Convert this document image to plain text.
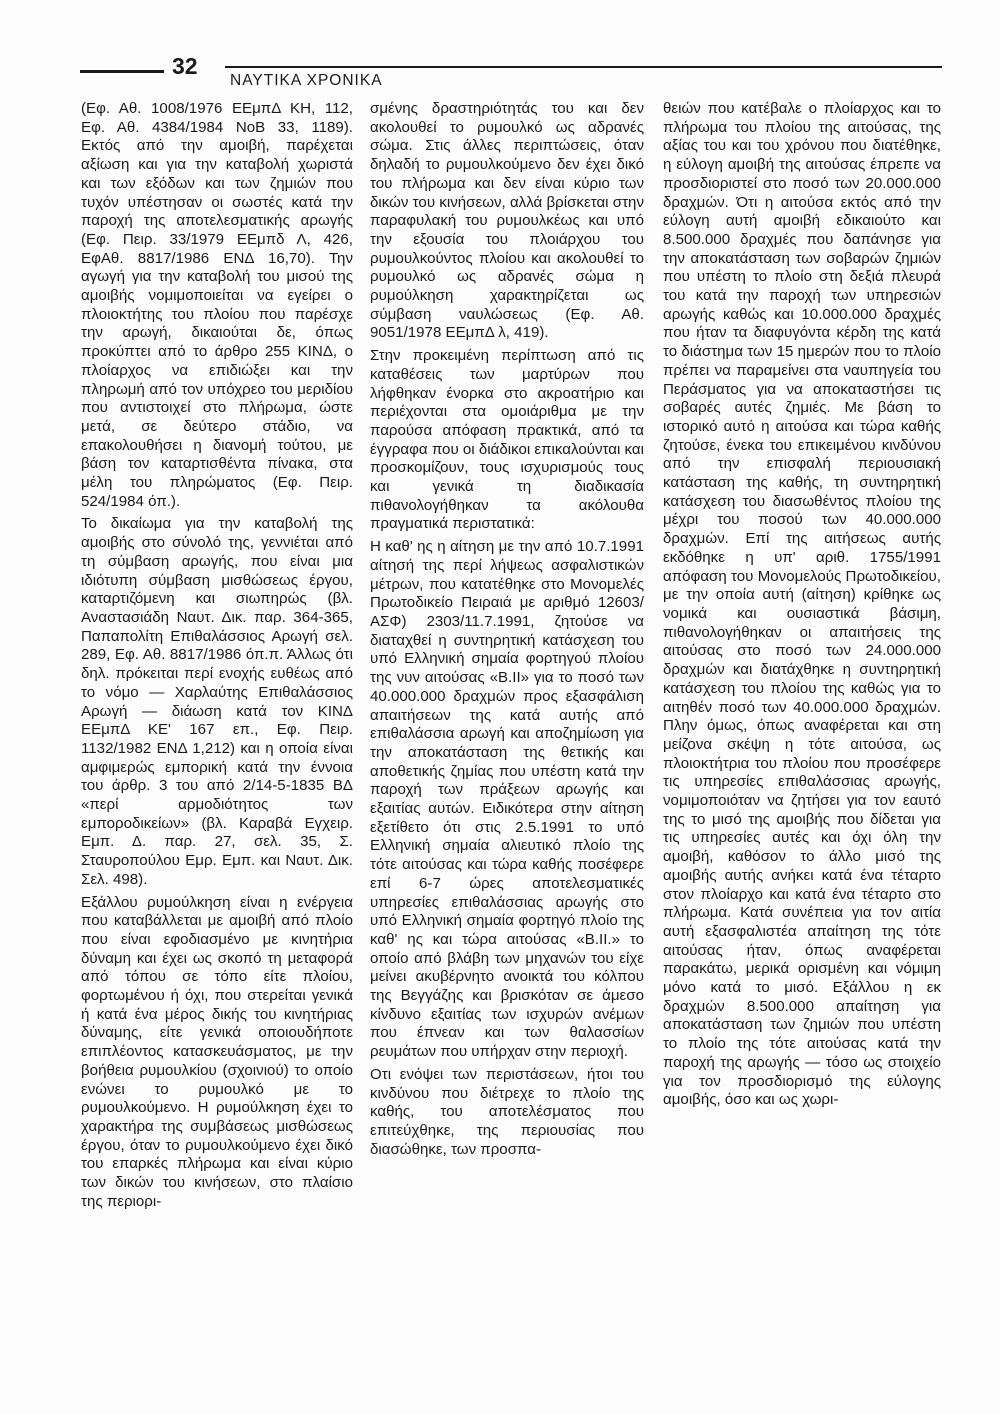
32
ΝΑΥΤΙΚΑ ΧΡΟΝΙΚΑ

(Εφ. Αθ. 1008/1976 ΕΕμπΔ ΚΗ, 112, Εφ. Αθ. 4384/1984 ΝοΒ 33, 1189). Εκτός από την αμοιβή, παρέχεται αξίωση και για την καταβολή χωριστά και των εξόδων και των ζημιών που τυχόν υπέστησαν οι σωστές κατά την παροχή της αποτελεσματικής αρωγής (Εφ. Πειρ. 33/1979 ΕΕμπδ Λ, 426, ΕφΑθ. 8817/1986 ΕΝΔ 16,70). Την αγωγή για την καταβολή του μισού της αμοιβής νομιμοποιείται να εγείρει ο πλοιοκτήτης του πλοίου που παρέσχε την αρωγή, δικαιούται δε, όπως προκύπτει από το άρθρο 255 ΚΙΝΔ, ο πλοίαρχος να επιδιώξει και την πληρωμή από τον υπόχρεο του μεριδίου που αντιστοιχεί στο πλήρωμα, ώστε μετά, σε δεύτερο στάδιο, να επακολουθήσει η διανομή τούτου, με βάση τον καταρτισθέντα πίνακα, στα μέλη του πληρώματος (Εφ. Πειρ. 524/1984 όπ.).

Το δικαίωμα για την καταβολή της αμοιβής στο σύνολό της, γεννιέται από τη σύμβαση αρωγής, που είναι μια ιδιότυπη σύμβαση μισθώσεως έργου, καταρτιζόμενη και σιωπηρώς (βλ. Αναστασιάδη Ναυτ. Δικ. παρ. 364-365, Παπαπολίτη Επιθαλάσσιος Αρωγή σελ. 289, Εφ. Αθ. 8817/1986 όπ.π. Άλλως ότι δηλ. πρόκειται περί ενοχής ευθέως από το νόμο — Χαρλαύτης Επιθαλάσσιος Αρωγή — διάωση κατά τον ΚΙΝΔ ΕΕμπΔ ΚΕ' 167 επ., Εφ. Πειρ. 1132/1982 ΕΝΔ 1,212) και η οποία είναι αμφιμερώς εμπορική κατά την έννοια του άρθρ. 3 του από 2/14-5-1835 ΒΔ «περί αρμοδιότητος των εμποροδικείων» (βλ. Καραβά Εγχειρ. Εμπ. Δ. παρ. 27, σελ. 35, Σ. Σταυροπούλου Εμρ. Εμπ. και Ναυτ. Δικ. Σελ. 498).

Εξάλλου ρυμούλκηση είναι η ενέργεια που καταβάλλεται με αμοιβή από πλοίο που είναι εφοδιασμένο με κινητήρια δύναμη και έχει ως σκοπό τη μεταφορά από τόπου σε τόπο είτε πλοίου, φορτωμένου ή όχι, που στερείται γενικά ή κατά ένα μέρος δικής του κινητήριας δύναμης, είτε γενικά οποιουδήποτε επιπλέοντος κατασκευάσματος, με την βοήθεια ρυμουλκίου (σχοινιού) το οποίο ενώνει το ρυμουλκό με το ρυμουλκούμενο. Η ρυμούλκηση έχει το χαρακτήρα της συμβάσεως μισθώσεως έργου, όταν το ρυμουλκούμενο έχει δικό του επαρκές πλήρωμα και είναι κύριο των δικών του κινήσεων, στο πλαίσιο της περιορι-

σμένης δραστηριότητάς του και δεν ακολουθεί το ρυμουλκό ως αδρανές σώμα. Στις άλλες περιπτώσεις, όταν δηλαδή το ρυμουλκούμενο δεν έχει δικό του πλήρωμα και δεν είναι κύριο των δικών του κινήσεων, αλλά βρίσκεται στην παραφυλακή του ρυμουλκέως και υπό την εξουσία του πλοιάρχου του ρυμουλκούντος πλοίου και ακολουθεί το ρυμουλκό ως αδρανές σώμα η ρυμούλκηση χαρακτηρίζεται ως σύμβαση ναυλώσεως (Εφ. Αθ. 9051/1978 ΕΕμπΔ λ, 419).

Στην προκειμένη περίπτωση από τις καταθέσεις των μαρτύρων που λήφθηκαν ένορκα στο ακροατήριο και περιέχονται στα ομοιάριθμα με την παρούσα απόφαση πρακτικά, από τα έγγραφα που οι διάδικοι επικαλούνται και προσκομίζουν, τους ισχυρισμούς τους και γενικά τη διαδικασία πιθανολογήθηκαν τα ακόλουθα πραγματικά περιστατικά:

Η καθ' ης η αίτηση με την από 10.7.1991 αίτησή της περί λήψεως ασφαλιστικών μέτρων, που κατατέθηκε στο Μονομελές Πρωτοδικείο Πειραιά με αριθμό 12603/ΑΣΦ) 2303/11.7.1991, ζητούσε να διαταχθεί η συντηρητική κατάσχεση του υπό Ελληνική σημαία φορτηγού πλοίου της νυν αιτούσας «Β.ΙΙ» για το ποσό των 40.000.000 δραχμών προς εξασφάλιση απαιτήσεων της κατά αυτής από επιθαλάσσια αρωγή και αποζημίωση για την αποκατάσταση της θετικής και αποθετικής ζημίας που υπέστη κατά την παροχή των πράξεων αρωγής και εξαιτίας αυτών. Ειδικότερα στην αίτηση εξετίθετο ότι στις 2.5.1991 το υπό Ελληνική σημαία αλιευτικό πλοίο της τότε αιτούσας και τώρα καθής ποσέφερε επί 6-7 ώρες αποτελεσματικές υπηρεσίες επιθαλάσσιας αρωγής στο υπό Ελληνική σημαία φορτηγό πλοίο της καθ' ης και τώρα αιτούσας «Β.ΙΙ.» το οποίο από βλάβη των μηχανών του είχε μείνει ακυβέρνητο ανοικτά του κόλπου της Βεγγάζης και βρισκόταν σε άμεσο κίνδυνο εξαιτίας των ισχυρών ανέμων που έπνεαν και των θαλασσίων ρευμάτων που υπήρχαν στην περιοχή.

Οτι ενόψει των περιστάσεων, ήτοι του κινδύνου που διέτρεχε το πλοίο της καθής, του αποτελέσματος που επιτεύχθηκε, της περιουσίας που διασώθηκε, των προσπα-

θειών που κατέβαλε ο πλοίαρχος και το πλήρωμα του πλοίου της αιτούσας, της αξίας του και του χρόνου που διατέθηκε, η εύλογη αμοιβή της αιτούσας έπρεπε να προσδιοριστεί στο ποσό των 20.000.000 δραχμών. Ότι η αιτούσα εκτός από την εύλογη αυτή αμοιβή εδικαιούτο και 8.500.000 δραχμές που δαπάνησε για την αποκατάσταση των σοβαρών ζημιών που υπέστη το πλοίο στη δεξιά πλευρά του κατά την παροχή των υπηρεσιών αρωγής καθώς και 10.000.000 δραχμές που ήταν τα διαφυγόντα κέρδη της κατά το διάστημα των 15 ημερών που το πλοίο πρέπει να παραμείνει στα ναυπηγεία του Περάσματος για να αποκαταστήσει τις σοβαρές αυτές ζημιές. Με βάση το ιστορικό αυτό η αιτούσα και τώρα καθής ζητούσε, ένεκα του επικειμένου κινδύνου από την επισφαλή περιουσιακή κατάσταση της καθής, τη συντηρητική κατάσχεση του διασωθέντος πλοίου της μέχρι του ποσού των 40.000.000 δραχμών. Επί της αιτήσεως αυτής εκδόθηκε η υπ' αριθ. 1755/1991 απόφαση του Μονομελούς Πρωτοδικείου, με την οποία αυτή (αίτηση) κρίθηκε ως νομικά και ουσιαστικά βάσιμη, πιθανολογήθηκαν οι απαιτήσεις της αιτούσας στο ποσό των 24.000.000 δραχμών και διατάχθηκε η συντηρητική κατάσχεση του πλοίου της καθώς για το αιτηθέν ποσό των 40.000.000 δραχμών. Πλην όμως, όπως αναφέρεται και στη μείζονα σκέψη η τότε αιτούσα, ως πλοιοκτήτρια του πλοίου που προσέφερε τις υπηρεσίες επιθαλάσσιας αρωγής, νομιμοποιόταν να ζητήσει για τον εαυτό της το μισό της αμοιβής που δίδεται για τις υπηρεσίες αυτές και όχι όλη την αμοιβή, καθόσον το άλλο μισό της αμοιβής αυτής ανήκει κατά ένα τέταρτο στον πλοίαρχο και κατά ένα τέταρτο στο πλήρωμα. Κατά συνέπεια για τον αιτία αυτή εξασφαλιστέα απαίτηση της τότε αιτούσας ήταν, όπως αναφέρεται παρακάτω, μερικά ορισμένη και νόμιμη μόνο κατά το μισό. Εξάλλου η εκ δραχμών 8.500.000 απαίτηση για αποκατάσταση των ζημιών που υπέστη το πλοίο της τότε αιτούσας κατά την παροχή της αρωγής — τόσο ως στοιχείο για τον προσδιορισμό της εύλογης αμοιβής, όσο και ως χωρι-
